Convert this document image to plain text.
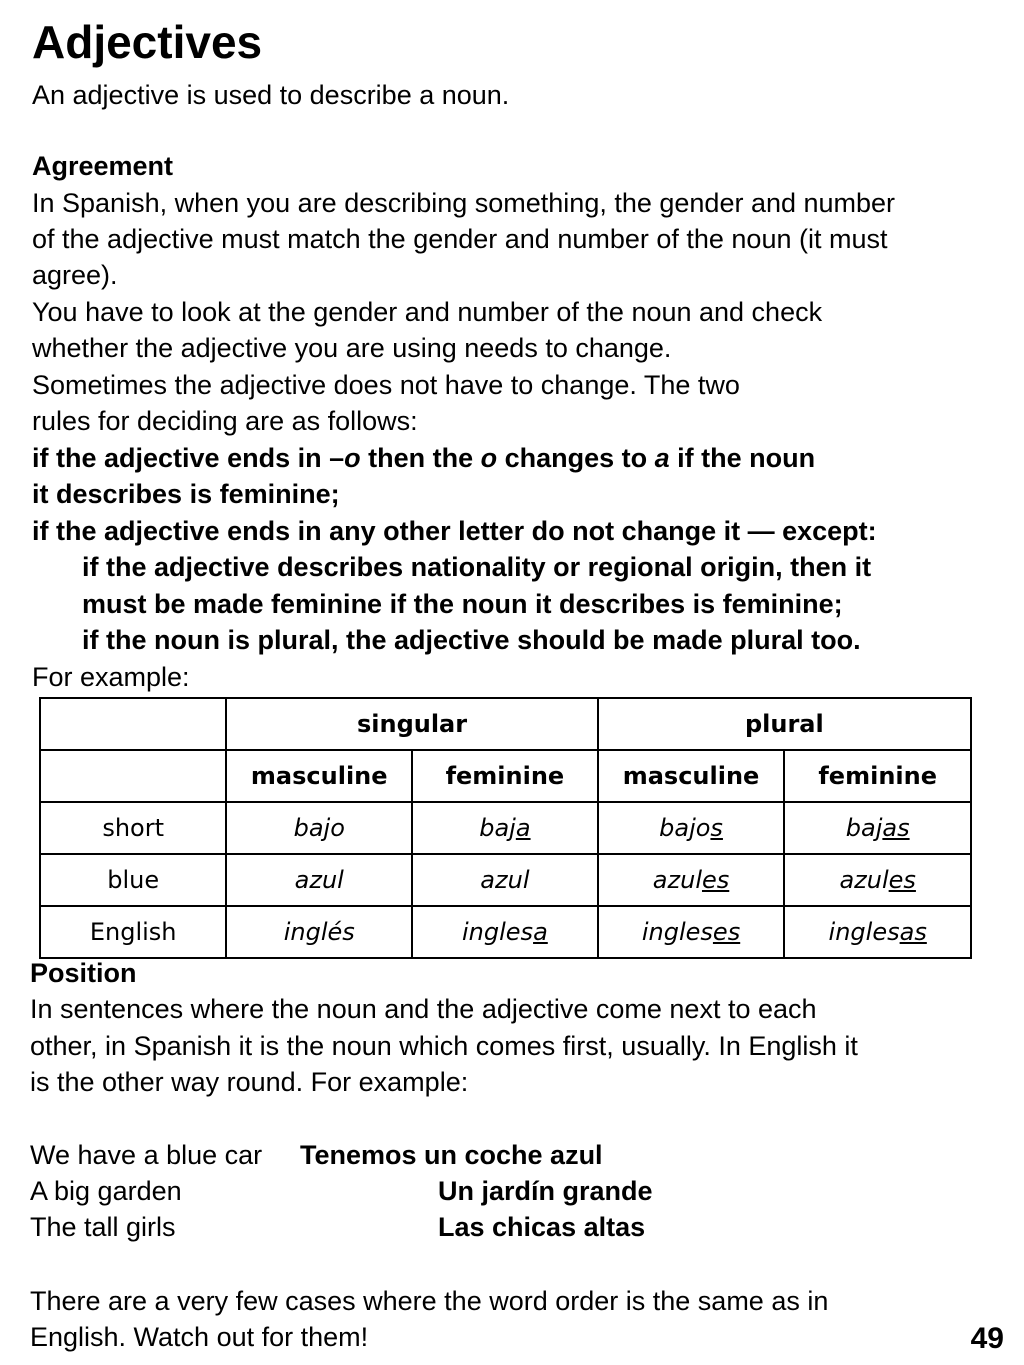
Adjectives
An adjective is used to describe a noun.
Agreement
In Spanish, when you are describing something, the gender and number
of the adjective must match the gender and number of the noun (it must
agree).
You have to look at the gender and number of the noun and check
whether the adjective you are using needs to change.
Sometimes the adjective does not have to change. The two
rules for deciding are as follows:
if the adjective ends in –o then the o changes to a if the noun
it describes is feminine;
if the adjective ends in any other letter do not change it — except:
if the adjective describes nationality or regional origin, then it
must be made feminine if the noun it describes is feminine;
if the noun is plural, the adjective should be made plural too.
For example:
	singular		plural	
	masculine	feminine	masculine	feminine
short	bajo	baja	bajos	bajas
blue	azul	azul	azules	azules
English	inglés	inglesa	ingleses	inglesas
Position
In sentences where the noun and the adjective come next to each
other, in Spanish it is the noun which comes first, usually. In English it
is the other way round. For example:
We have a blue car Tenemos un coche azul
A big garden	Un jardín grande
The tall girls	Las chicas altas
There are a very few cases where the word order is the same as in
English. Watch out for them!	49
